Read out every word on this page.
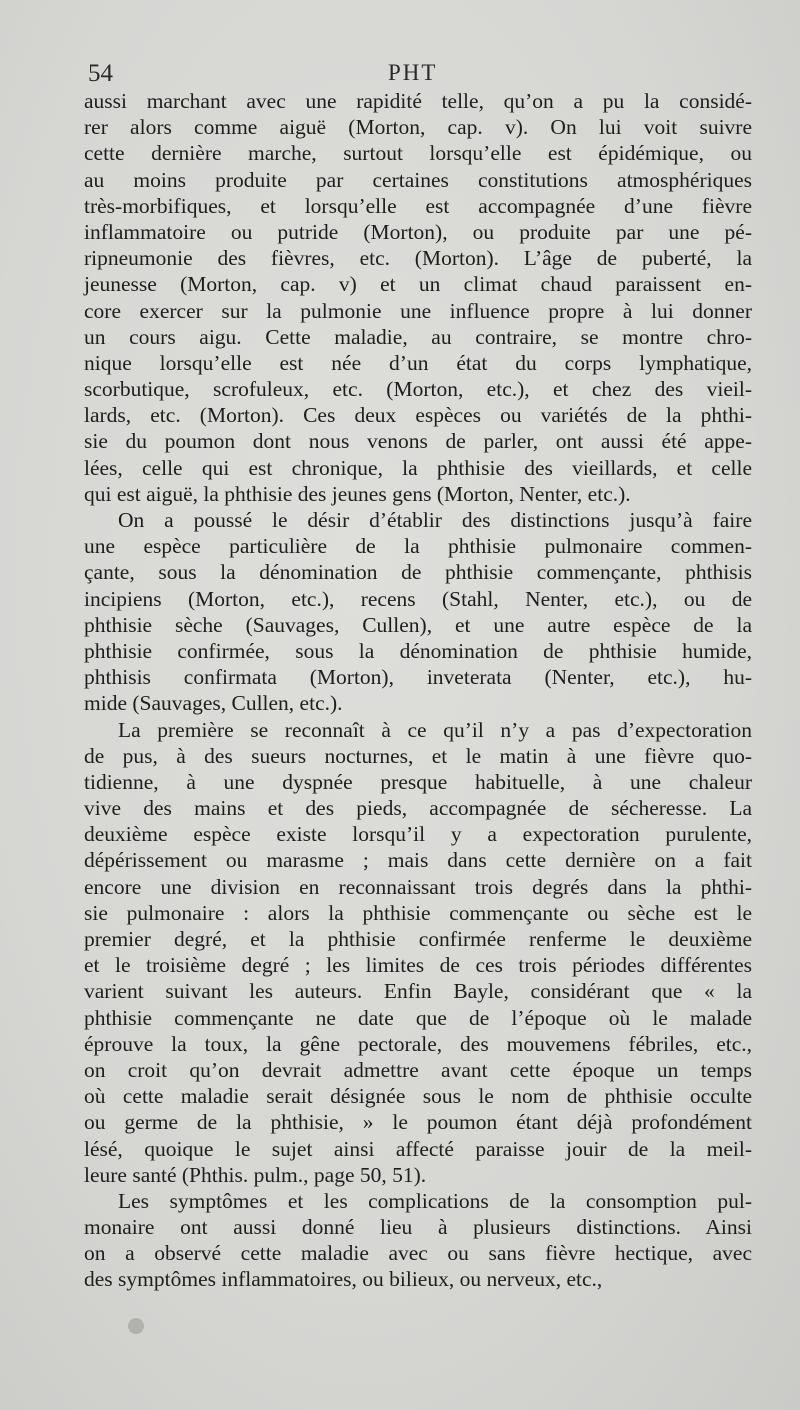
54	PHT
aussi marchant avec une rapidité telle, qu’on a pu la considé-
rer alors comme aiguë (Morton, cap. v). On lui voit suivre
cette dernière marche, surtout lorsqu’elle est épidémique, ou
au moins produite par certaines constitutions atmosphériques
très-morbifiques, et lorsqu’elle est accompagnée d’une fièvre
inflammatoire ou putride (Morton), ou produite par une pé-
ripneumonie des fièvres, etc. (Morton). L’âge de puberté, la
jeunesse (Morton, cap. v) et un climat chaud paraissent en-
core exercer sur la pulmonie une influence propre à lui donner
un cours aigu. Cette maladie, au contraire, se montre chro-
nique lorsqu’elle est née d’un état du corps lymphatique,
scorbutique, scrofuleux, etc. (Morton, etc.), et chez des vieil-
lards, etc. (Morton). Ces deux espèces ou variétés de la phthi-
sie du poumon dont nous venons de parler, ont aussi été appe-
lées, celle qui est chronique, la phthisie des vieillards, et celle
qui est aiguë, la phthisie des jeunes gens (Morton, Nenter, etc.).
On a poussé le désir d’établir des distinctions jusqu’à faire
une espèce particulière de la phthisie pulmonaire commen-
çante, sous la dénomination de phthisie commençante, phthisis
incipiens (Morton, etc.), recens (Stahl, Nenter, etc.), ou de
phthisie sèche (Sauvages, Cullen), et une autre espèce de la
phthisie confirmée, sous la dénomination de phthisie humide,
phthisis confirmata (Morton), inveterata (Nenter, etc.), hu-
mide (Sauvages, Cullen, etc.).
La première se reconnaît à ce qu’il n’y a pas d’expectoration
de pus, à des sueurs nocturnes, et le matin à une fièvre quo-
tidienne, à une dyspnée presque habituelle, à une chaleur
vive des mains et des pieds, accompagnée de sécheresse. La
deuxième espèce existe lorsqu’il y a expectoration purulente,
dépérissement ou marasme ; mais dans cette dernière on a fait
encore une division en reconnaissant trois degrés dans la phthi-
sie pulmonaire : alors la phthisie commençante ou sèche est le
premier degré, et la phthisie confirmée renferme le deuxième
et le troisième degré ; les limites de ces trois périodes différentes
varient suivant les auteurs. Enfin Bayle, considérant que « la
phthisie commençante ne date que de l’époque où le malade
éprouve la toux, la gêne pectorale, des mouvemens fébriles, etc.,
on croit qu’on devrait admettre avant cette époque un temps
où cette maladie serait désignée sous le nom de phthisie occulte
ou germe de la phthisie, » le poumon étant déjà profondément
lésé, quoique le sujet ainsi affecté paraisse jouir de la meil-
leure santé (Phthis. pulm., page 50, 51).
Les symptômes et les complications de la consomption pul-
monaire ont aussi donné lieu à plusieurs distinctions. Ainsi
on a observé cette maladie avec ou sans fièvre hectique, avec
des symptômes inflammatoires, ou bilieux, ou nerveux, etc.,
